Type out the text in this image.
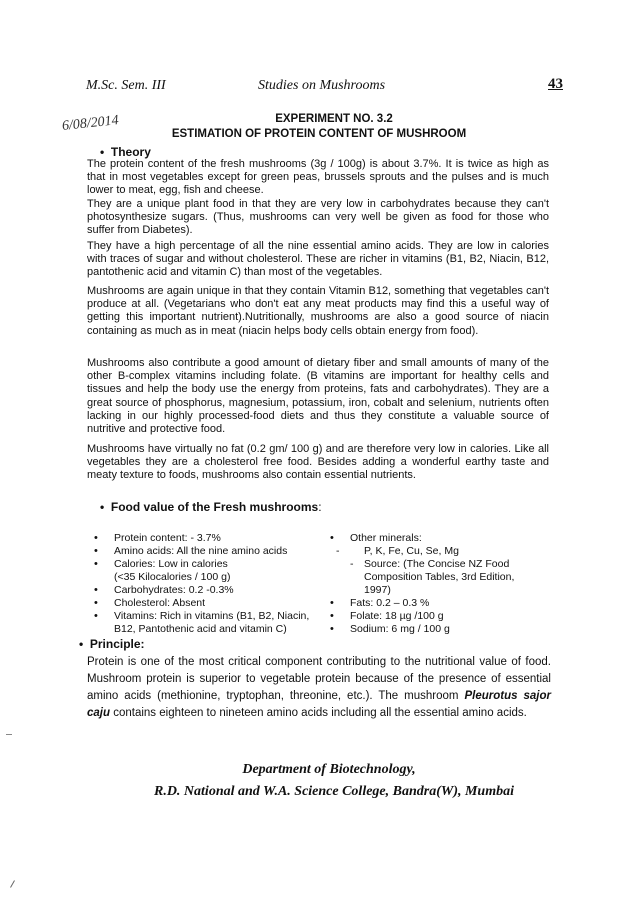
M.Sc. Sem. III	Studies on Mushrooms	43
6/08/2014	EXPERIMENT NO. 3.2
ESTIMATION OF PROTEIN CONTENT OF MUSHROOM
•  Theory

The protein content of the fresh mushrooms (3g / 100g) is about 3.7%. It is twice as high as that in most vegetables except for green peas, brussels sprouts and the pulses and is much lower to meat, egg, fish and cheese.

They are a unique plant food in that they are very low in carbohydrates because they can't photosynthesize sugars. (Thus, mushrooms can very well be given as food for those who suffer from Diabetes).

They have a high percentage of all the nine essential amino acids. They are low in calories with traces of sugar and without cholesterol. These are richer in vitamins (B1, B2, Niacin, B12, pantothenic acid and vitamin C) than most of the vegetables.

Mushrooms are again unique in that they contain Vitamin B12, something that vegetables can't produce at all. (Vegetarians who don't eat any meat products may find this a useful way of getting this important nutrient).Nutritionally, mushrooms are also a good source of niacin containing as much as in meat (niacin helps body cells obtain energy from food).

Mushrooms also contribute a good amount of dietary fiber and small amounts of many of the other B-complex vitamins including folate. (B vitamins are important for healthy cells and tissues and help the body use the energy from proteins, fats and carbohydrates). They are a great source of phosphorus, magnesium, potassium, iron, cobalt and selenium, nutrients often lacking in our highly processed-food diets and thus they constitute a valuable source of nutritive and protective food.

Mushrooms have virtually no fat (0.2 gm/ 100 g) and are therefore very low in calories. Like all vegetables they are a cholesterol free food. Besides adding a wonderful earthy taste and meaty texture to foods, mushrooms also contain essential nutrients.

•  Food value of the Fresh mushrooms:
• Protein content: - 3.7%
• Amino acids: All the nine amino acids
• Calories: Low in calories
(<35 Kilocalories / 100 g)
• Carbohydrates: 0.2 -0.3%
• Cholesterol: Absent
• Vitamins: Rich in vitamins (B1, B2, Niacin,
B12, Pantothenic acid and vitamin C)
• Other minerals:
- P, K, Fe, Cu, Se, Mg
- Source: (The Concise NZ Food
Composition Tables, 3rd Edition,
1997)
• Fats: 0.2 – 0.3 %
• Folate: 18 µg /100 g
• Sodium: 6 mg / 100 g
•  Principle:

Protein is one of the most critical component contributing to the nutritional value of food. Mushroom protein is superior to vegetable protein because of the presence of essential amino acids (methionine, tryptophan, threonine, etc.). The mushroom Pleurotus sajor caju contains eighteen to nineteen amino acids including all the essential amino acids.

Department of Biotechnology,
R.D. National and W.A. Science College, Bandra(W), Mumbai
